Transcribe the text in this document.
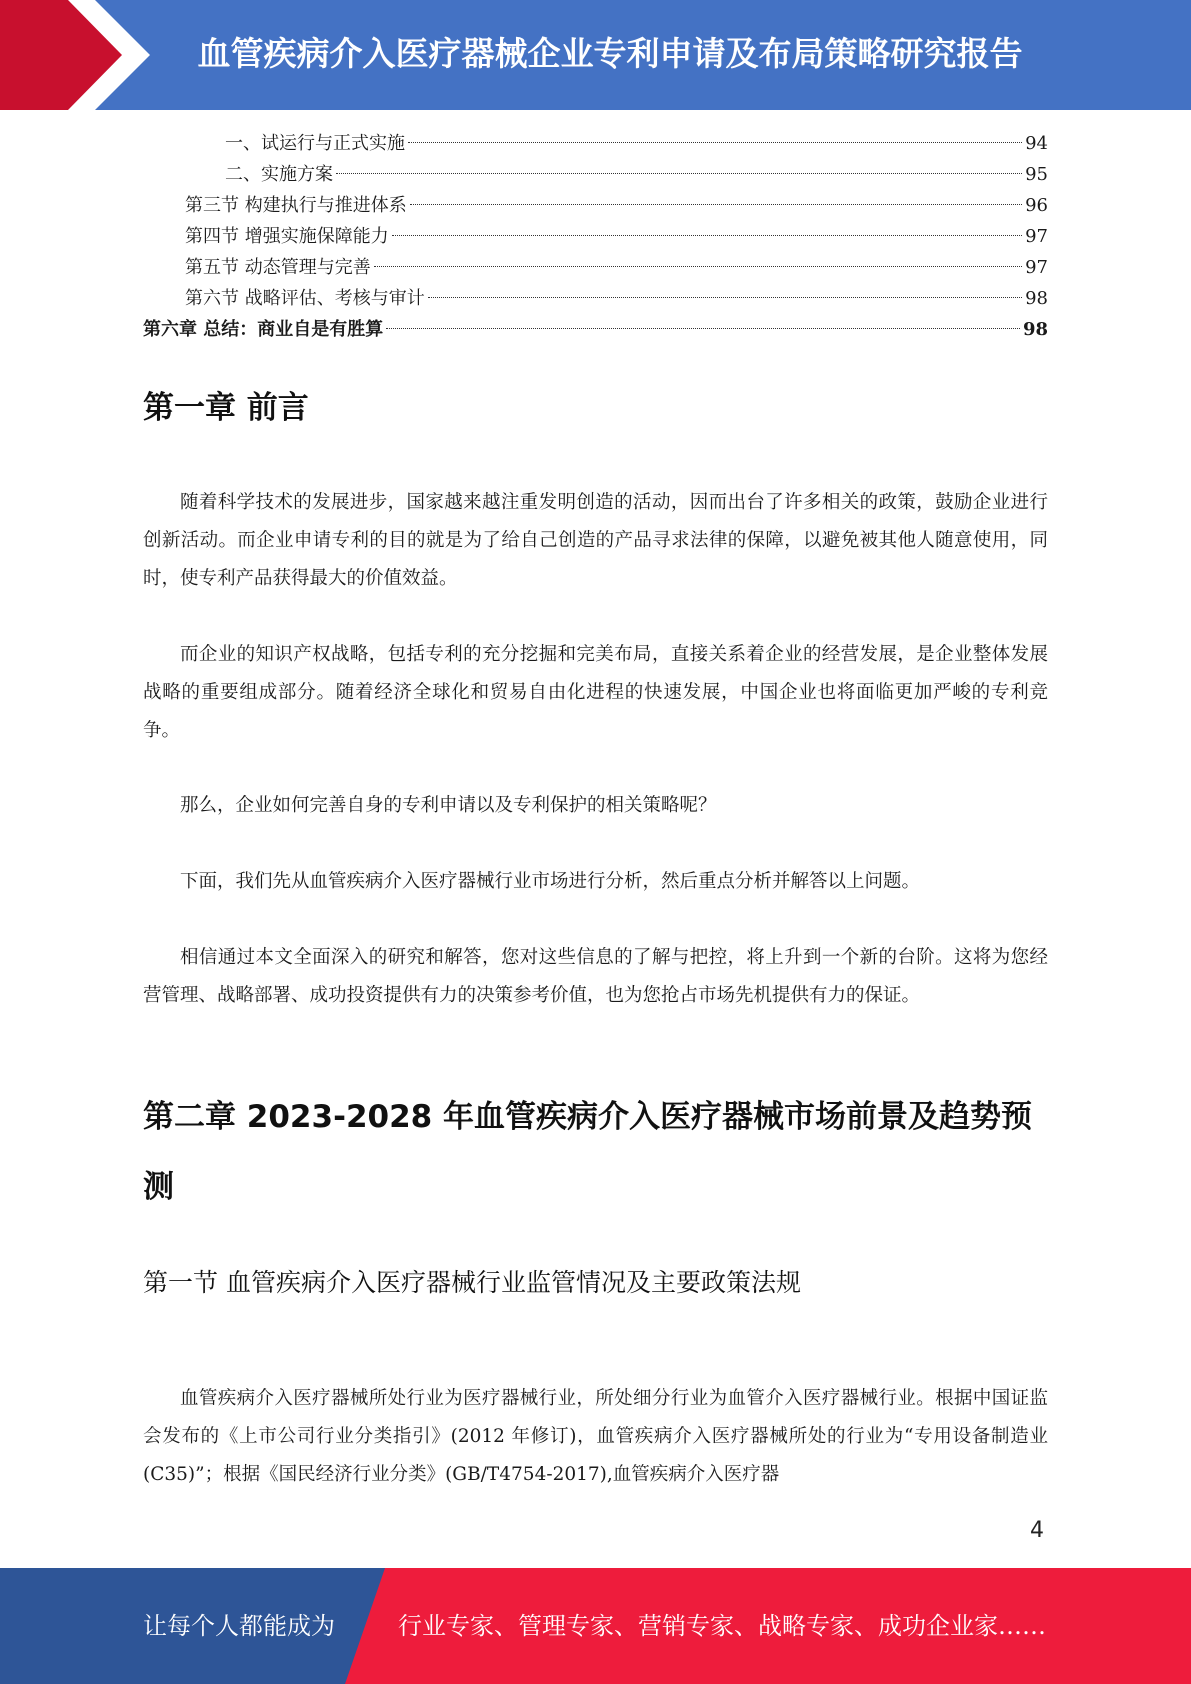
血管疾病介入医疗器械企业专利申请及布局策略研究报告
一、试运行与正式实施	94
二、实施方案	95
第三节 构建执行与推进体系	96
第四节 增强实施保障能力	97
第五节 动态管理与完善	97
第六节 战略评估、考核与审计	98
第六章 总结：商业自是有胜算	98
第一章 前言

随着科学技术的发展进步，国家越来越注重发明创造的活动，因而出台了许多相关的政策，鼓励企业进行创新活动。而企业申请专利的目的就是为了给自己创造的产品寻求法律的保障，以避免被其他人随意使用，同时，使专利产品获得最大的价值效益。

而企业的知识产权战略，包括专利的充分挖掘和完美布局，直接关系着企业的经营发展，是企业整体发展战略的重要组成部分。随着经济全球化和贸易自由化进程的快速发展，中国企业也将面临更加严峻的专利竞争。

那么，企业如何完善自身的专利申请以及专利保护的相关策略呢？

下面，我们先从血管疾病介入医疗器械行业市场进行分析，然后重点分析并解答以上问题。

相信通过本文全面深入的研究和解答，您对这些信息的了解与把控，将上升到一个新的台阶。这将为您经营管理、战略部署、成功投资提供有力的决策参考价值，也为您抢占市场先机提供有力的保证。

第二章 2023-2028 年血管疾病介入医疗器械市场前景及趋势预测
第一节 血管疾病介入医疗器械行业监管情况及主要政策法规

血管疾病介入医疗器械所处行业为医疗器械行业，所处细分行业为血管介入医疗器械行业。根据中国证监会发布的《上市公司行业分类指引》(2012 年修订)，血管疾病介入医疗器械所处的行业为“专用设备制造业(C35)”；根据《国民经济行业分类》(GB/T4754-2017),血管疾病介入医疗器

4
让每个人都能成为	行业专家、管理专家、营销专家、战略专家、成功企业家……
